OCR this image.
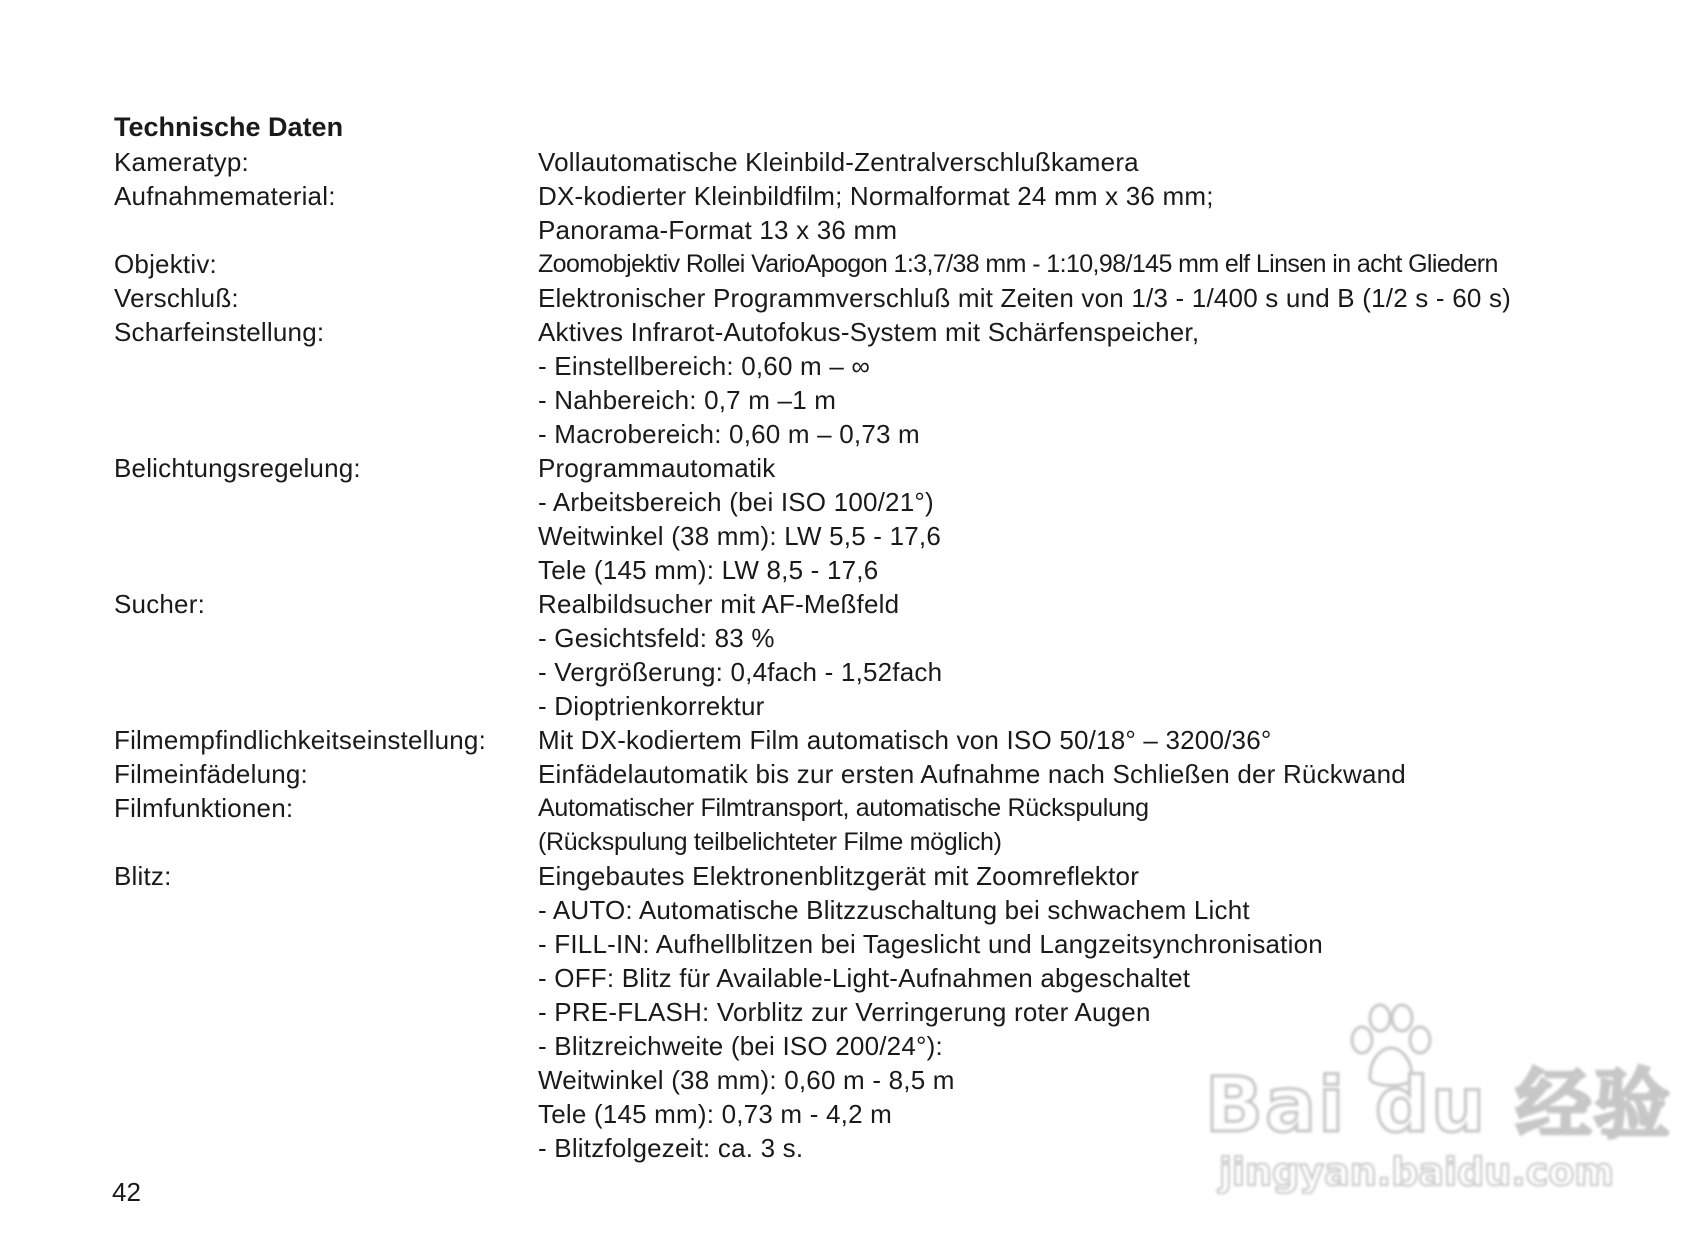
Technische Daten
Kameratyp:	Vollautomatische Kleinbild-Zentralverschlußkamera
Aufnahmematerial:	DX-kodierter Kleinbildfilm; Normalformat 24 mm x 36 mm;
Panorama-Format 13 x 36 mm
Objektiv:	Zoomobjektiv Rollei VarioApogon 1:3,7/38 mm - 1:10,98/145 mm elf Linsen in acht Gliedern
Verschluß:	Elektronischer Programmverschluß mit Zeiten von 1/3 - 1/400 s und B (1/2 s - 60 s)
Scharfeinstellung:	Aktives Infrarot-Autofokus-System mit Schärfenspeicher,
- Einstellbereich: 0,60 m – ∞
- Nahbereich: 0,7 m –1 m
- Macrobereich: 0,60 m – 0,73 m
Belichtungsregelung:	Programmautomatik
- Arbeitsbereich (bei ISO 100/21°)
Weitwinkel (38 mm): LW 5,5 - 17,6
Tele (145 mm): LW 8,5 - 17,6
Sucher:	Realbildsucher mit AF-Meßfeld
- Gesichtsfeld: 83 %
- Vergrößerung: 0,4fach - 1,52fach
- Dioptrienkorrektur
Filmempfindlichkeitseinstellung:	Mit DX-kodiertem Film automatisch von ISO 50/18° – 3200/36°
Filmeinfädelung:	Einfädelautomatik bis zur ersten Aufnahme nach Schließen der Rückwand
Filmfunktionen:	Automatischer Filmtransport, automatische Rückspulung
(Rückspulung teilbelichteter Filme möglich)
Blitz:	Eingebautes Elektronenblitzgerät mit Zoomreflektor
- AUTO: Automatische Blitzzuschaltung bei schwachem Licht
- FILL-IN: Aufhellblitzen bei Tageslicht und Langzeitsynchronisation
- OFF: Blitz für Available-Light-Aufnahmen abgeschaltet
- PRE-FLASH: Vorblitz zur Verringerung roter Augen
- Blitzreichweite (bei ISO 200/24°):
Weitwinkel (38 mm): 0,60 m - 8,5 m
Tele (145 mm): 0,73 m - 4,2 m
- Blitzfolgezeit: ca. 3 s.
42
Bai du 经验
jingyan.baidu.com
